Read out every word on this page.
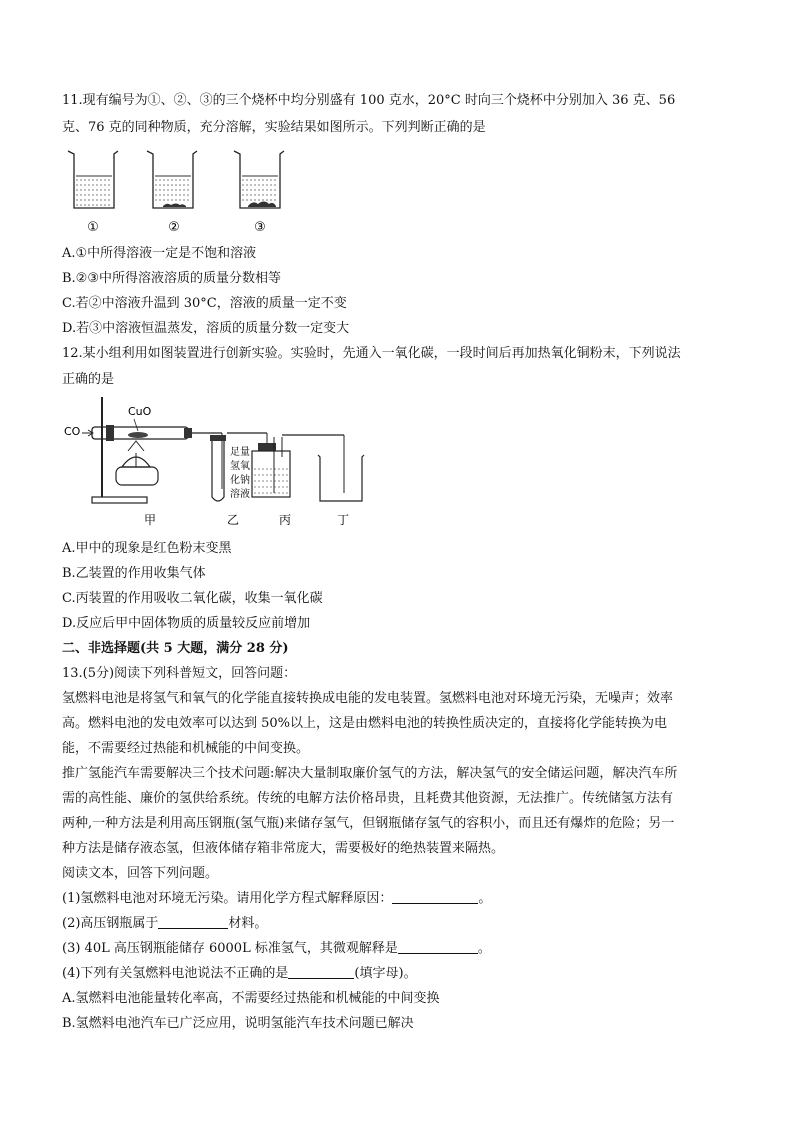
11.现有编号为①、②、③的三个烧杯中均分别盛有 100 克水，20°C 时向三个烧杯中分别加入 36 克、56
克、76 克的同种物质，充分溶解，实验结果如图所示。下列判断正确的是
①	②	③
A.①中所得溶液一定是不饱和溶液
B.②③中所得溶液溶质的质量分数相等
C.若②中溶液升温到 30°C，溶液的质量一定不变
D.若③中溶液恒温蒸发，溶质的质量分数一定变大
12.某小组利用如图装置进行创新实验。实验时，先通入一氧化碳，一段时间后再加热氧化铜粉末，下列说法
正确的是
CO
CuO
足量
氢氧
化钠
溶液
甲	乙	丙	丁
A.甲中的现象是红色粉末变黑
B.乙装置的作用收集气体
C.丙装置的作用吸收二氧化碳，收集一氧化碳
D.反应后甲中固体物质的质量较反应前增加
二、非选择题(共 5 大题，满分 28 分)
13.(5分)阅读下列科普短文，回答问题：
氢燃料电池是将氢气和氧气的化学能直接转换成电能的发电装置。氢燃料电池对环境无污染，无噪声；效率
高。燃料电池的发电效率可以达到 50%以上，这是由燃料电池的转换性质决定的，直接将化学能转换为电
能，不需要经过热能和机械能的中间变换。
推广氢能汽车需要解决三个技术问题:解决大量制取廉价氢气的方法，解决氢气的安全储运问题，解决汽车所
需的高性能、廉价的氢供给系统。传统的电解方法价格昂贵，且耗费其他资源，无法推广。传统储氢方法有
两种,一种方法是利用高压钢瓶(氢气瓶)来储存氢气，但钢瓶储存氢气的容积小，而且还有爆炸的危险；另一
种方法是储存液态氢，但液体储存箱非常庞大，需要极好的绝热装置来隔热。
阅读文本，回答下列问题。
(1)氢燃料电池对环境无污染。请用化学方程式解释原因：	。
(2)高压钢瓶属于	材料。
(3) 40L 高压钢瓶能储存 6000L 标准氢气，其微观解释是	。
(4)下列有关氢燃料电池说法不正确的是	(填字母)。
A.氢燃料电池能量转化率高，不需要经过热能和机械能的中间变换
B.氢燃料电池汽车已广泛应用，说明氢能汽车技术问题已解决
